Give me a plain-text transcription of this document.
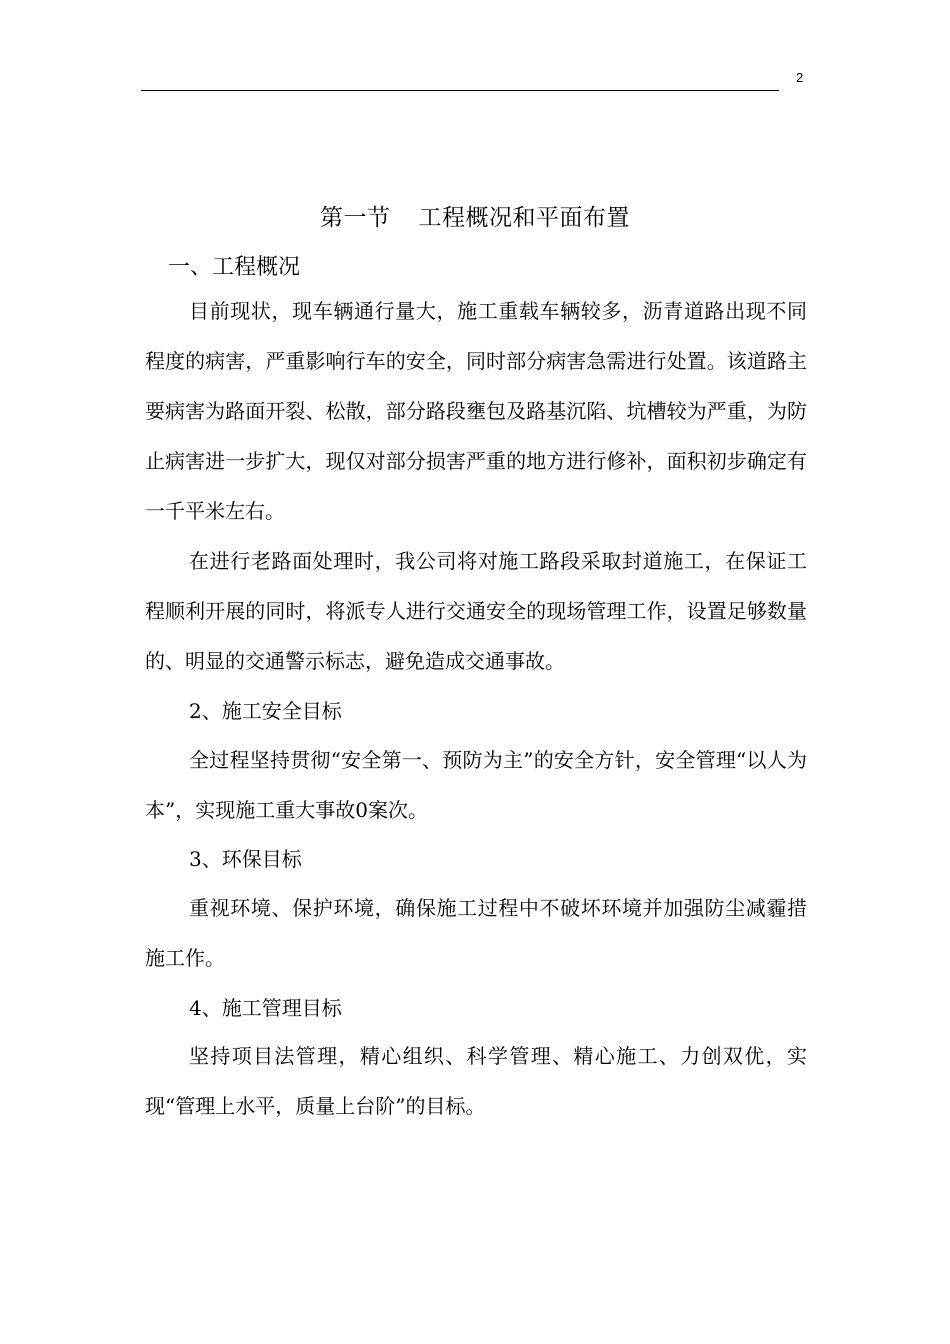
2
第一节 工程概况和平面布置
一、工程概况

目前现状，现车辆通行量大，施工重载车辆较多，沥青道路出现不同程度的病害，严重影响行车的安全，同时部分病害急需进行处置。该道路主要病害为路面开裂、松散，部分路段壅包及路基沉陷、坑槽较为严重，为防止病害进一步扩大，现仅对部分损害严重的地方进行修补，面积初步确定有一千平米左右。

在进行老路面处理时，我公司将对施工路段采取封道施工，在保证工程顺利开展的同时，将派专人进行交通安全的现场管理工作，设置足够数量的、明显的交通警示标志，避免造成交通事故。

2、施工安全目标

全过程坚持贯彻“安全第一、预防为主”的安全方针，安全管理“以人为本”，实现施工重大事故0案次。

3、环保目标

重视环境、保护环境，确保施工过程中不破坏环境并加强防尘减霾措施工作。

4、施工管理目标

坚持项目法管理，精心组织、科学管理、精心施工、力创双优，实现“管理上水平，质量上台阶”的目标。
